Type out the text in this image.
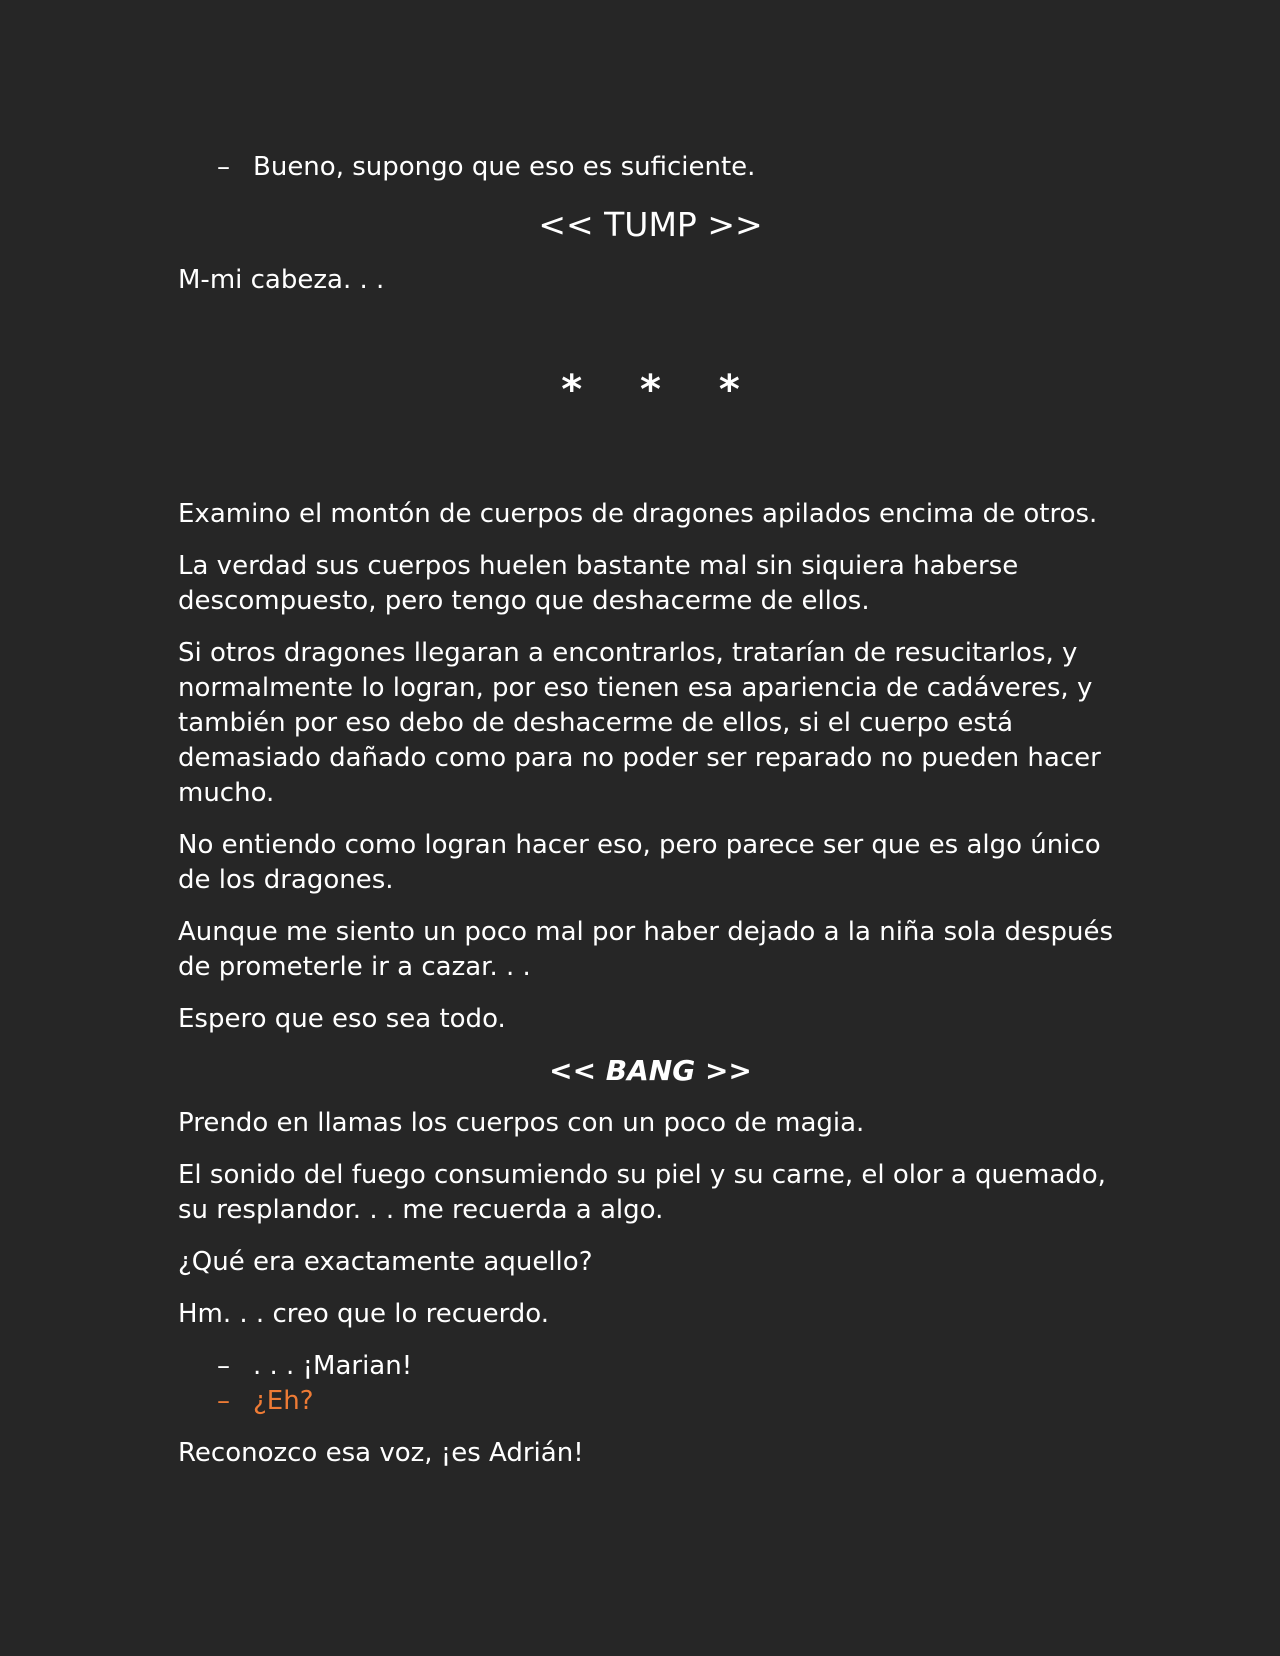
– Bueno, supongo que eso es suficiente.

<< TUMP >>

M-mi cabeza. . .

* * *

Examino el montón de cuerpos de dragones apilados encima de otros.

La verdad sus cuerpos huelen bastante mal sin siquiera haberse descompuesto, pero tengo que deshacerme de ellos.

Si otros dragones llegaran a encontrarlos, tratarían de resucitarlos, y normalmente lo logran, por eso tienen esa apariencia de cadáveres, y también por eso debo de deshacerme de ellos, si el cuerpo está demasiado dañado como para no poder ser reparado no pueden hacer mucho.

No entiendo como logran hacer eso, pero parece ser que es algo único de los dragones.

Aunque me siento un poco mal por haber dejado a la niña sola después de prometerle ir a cazar. . .

Espero que eso sea todo.

<< BANG >>

Prendo en llamas los cuerpos con un poco de magia.

El sonido del fuego consumiendo su piel y su carne, el olor a quemado, su resplandor. . . me recuerda a algo.

¿Qué era exactamente aquello?

Hm. . . creo que lo recuerdo.

– . . . ¡Marian!

– ¿Eh?

Reconozco esa voz, ¡es Adrián!
